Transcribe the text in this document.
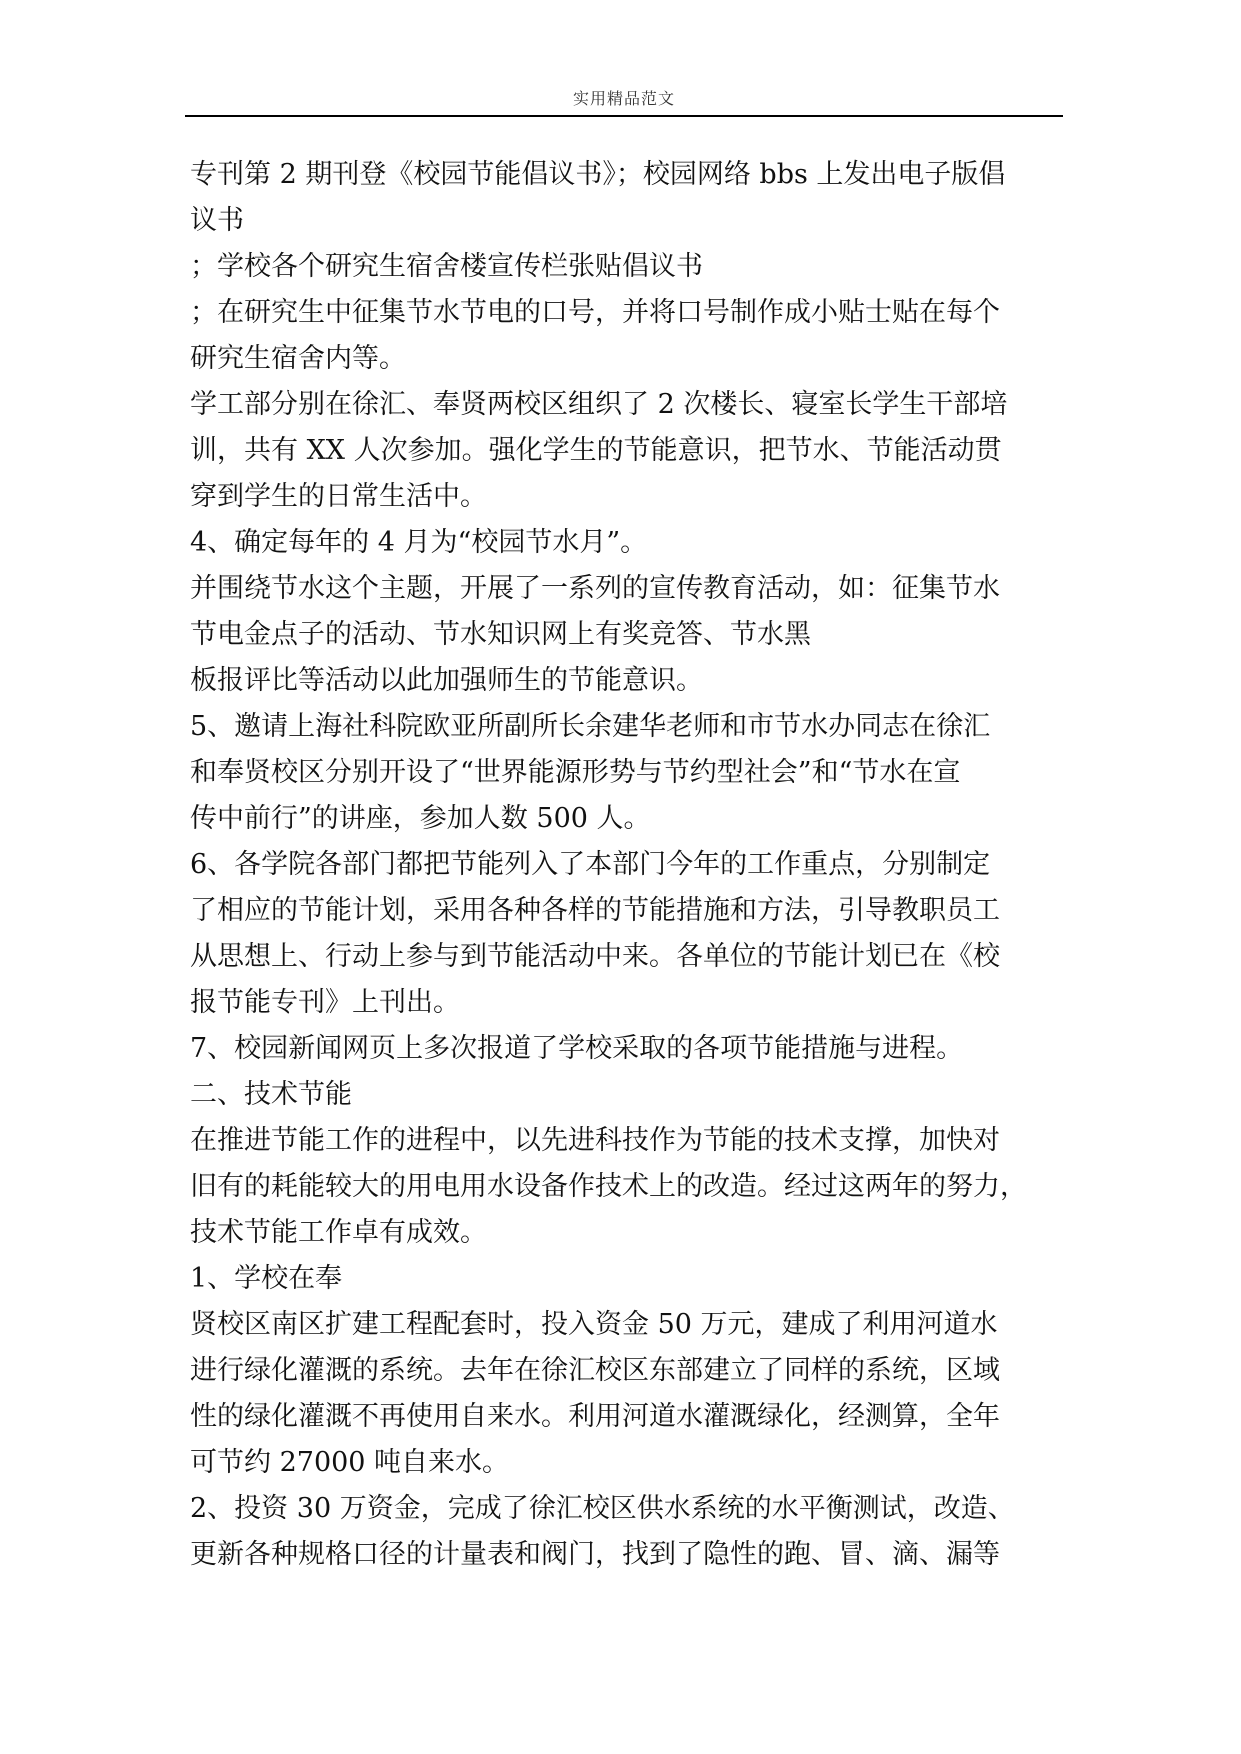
实用精品范文
专刊第 2 期刊登《校园节能倡议书》；校园网络 bbs 上发出电子版倡
议书
；学校各个研究生宿舍楼宣传栏张贴倡议书
；在研究生中征集节水节电的口号，并将口号制作成小贴士贴在每个
研究生宿舍内等。
学工部分别在徐汇、奉贤两校区组织了 2 次楼长、寝室长学生干部培
训，共有 XX 人次参加。强化学生的节能意识，把节水、节能活动贯
穿到学生的日常生活中。
4、确定每年的 4 月为“校园节水月”。
并围绕节水这个主题，开展了一系列的宣传教育活动，如：征集节水
节电金点子的活动、节水知识网上有奖竞答、节水黑
板报评比等活动以此加强师生的节能意识。
5、邀请上海社科院欧亚所副所长余建华老师和市节水办同志在徐汇
和奉贤校区分别开设了“世界能源形势与节约型社会”和“节水在宣
传中前行”的讲座，参加人数 500 人。
6、各学院各部门都把节能列入了本部门今年的工作重点，分别制定
了相应的节能计划，采用各种各样的节能措施和方法，引导教职员工
从思想上、行动上参与到节能活动中来。各单位的节能计划已在《校
报节能专刊》上刊出。
7、校园新闻网页上多次报道了学校采取的各项节能措施与进程。
二、技术节能
在推进节能工作的进程中，以先进科技作为节能的技术支撑，加快对
旧有的耗能较大的用电用水设备作技术上的改造。经过这两年的努力，
技术节能工作卓有成效。
1、学校在奉
贤校区南区扩建工程配套时，投入资金 50 万元，建成了利用河道水
进行绿化灌溉的系统。去年在徐汇校区东部建立了同样的系统，区域
性的绿化灌溉不再使用自来水。利用河道水灌溉绿化，经测算，全年
可节约 27000 吨自来水。
2、投资 30 万资金，完成了徐汇校区供水系统的水平衡测试，改造、
更新各种规格口径的计量表和阀门，找到了隐性的跑、冒、滴、漏等
